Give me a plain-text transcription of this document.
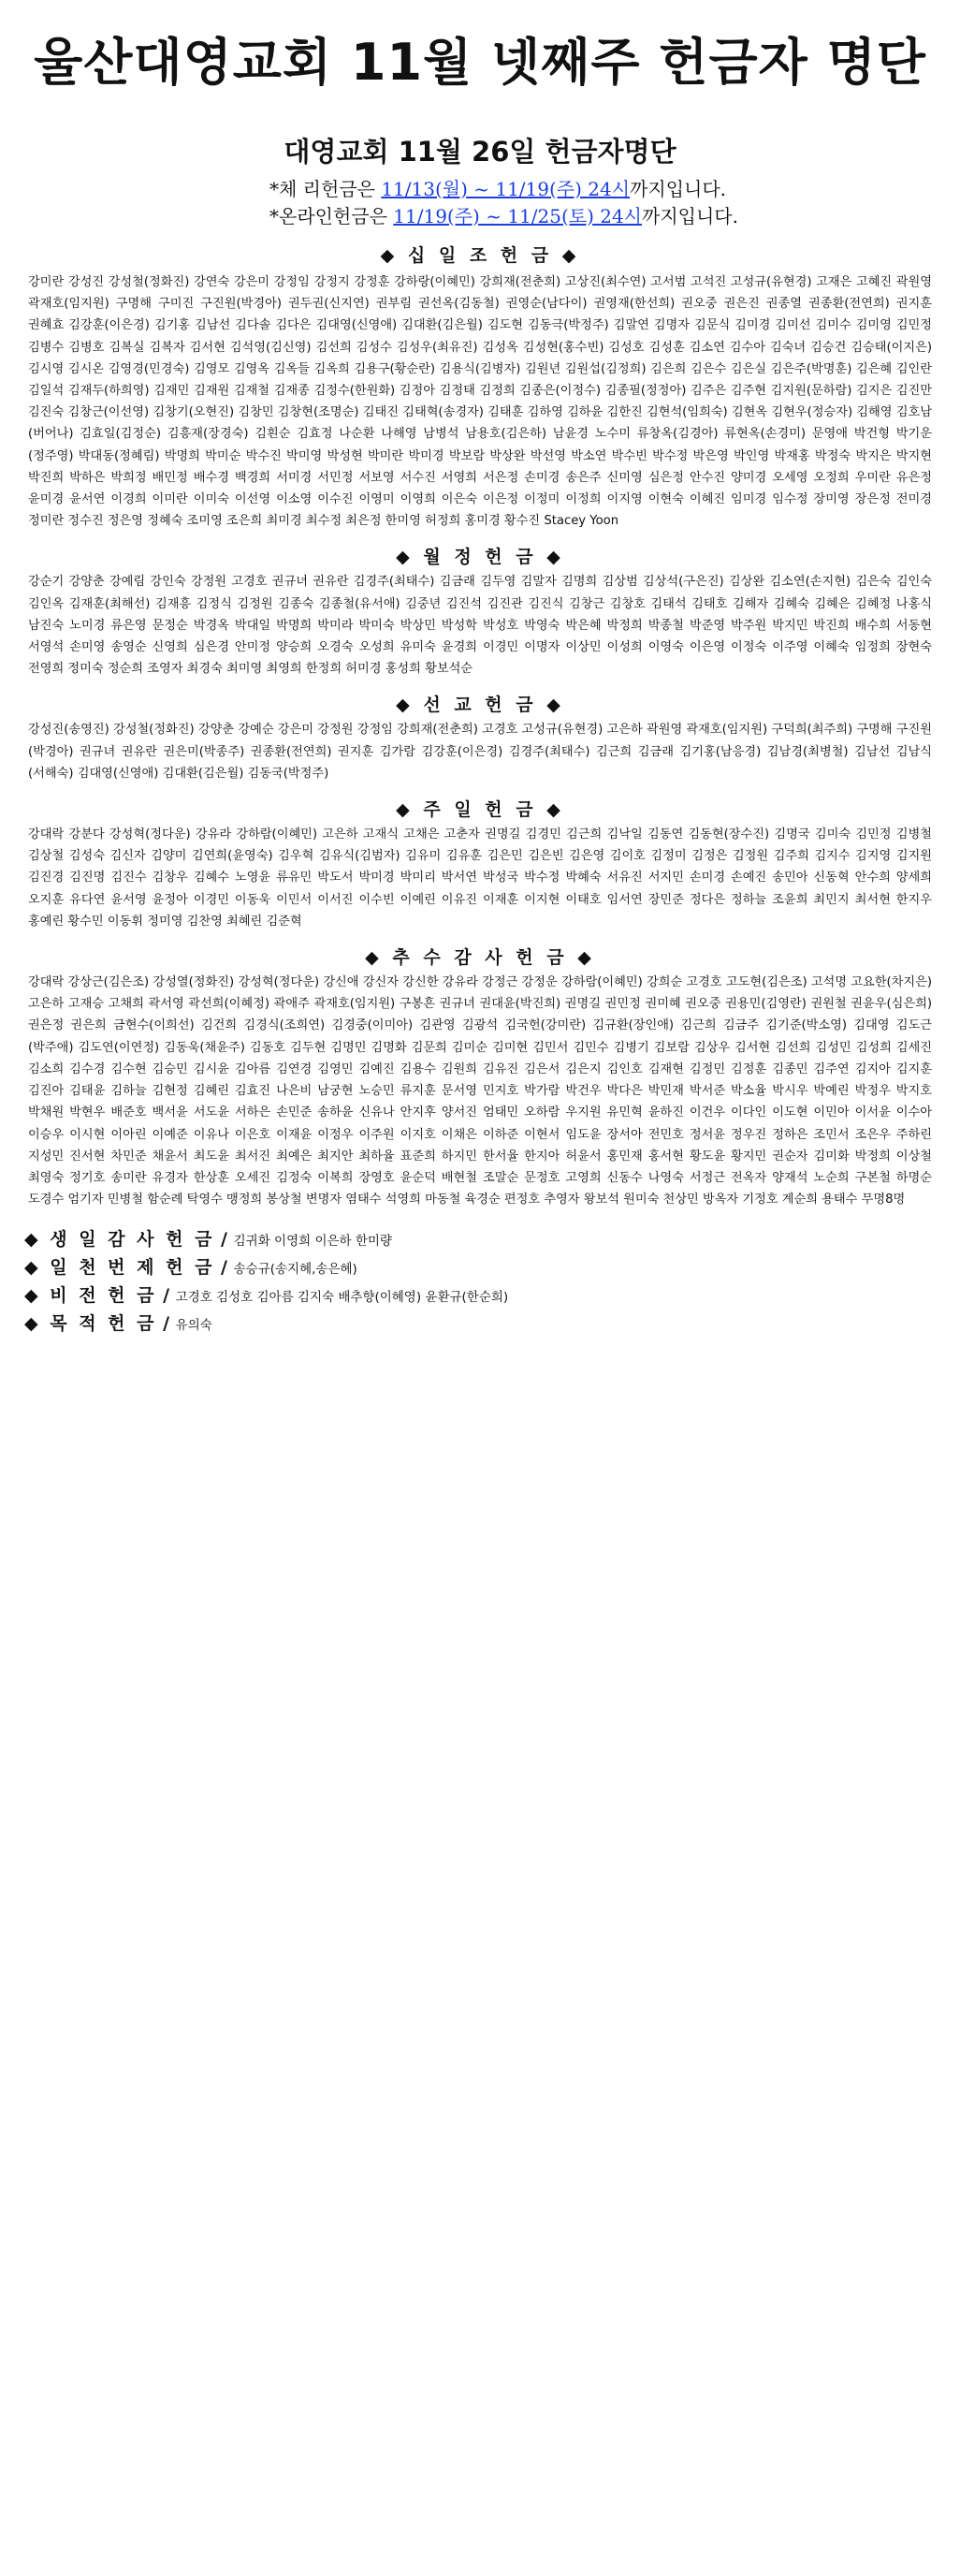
울산대영교회 11월 넷째주 헌금자 명단
대영교회 11월 26일 헌금자명단
*체 리헌금은 11/13(월) ~ 11/19(주) 24시까지입니다.
*온라인헌금은 11/19(주) ~ 11/25(토) 24시까지입니다.
◆ 십 일 조 헌 금 ◆
강미란 강성진 강성철(정화진) 강연숙 강은미 강정임 강정지 강정훈 강하랑(이혜민) 강희재(전춘희) 고상진(최수연) 고서범 고석진 고성규(유현경) 고재은 고혜진 곽원영 곽재호(임지원) 구명해 구미진 구진원(박경아) 권두권(신지연) 권부림 권선옥(김동철) 권영순(남다이) 권영재(한선희) 권오중 권은진 권종열 권종환(전연희) 권지훈 권혜효 김강훈(이은경) 김기홍 김남선 김다솔 김다은 김대영(신영애) 김대환(김은월) 김도현 김동극(박정주) 김말연 김명자 김문식 김미경 김미선 김미수 김미영 김민정 김병수 김병호 김복실 김복자 김서현 김석영(김신영) 김선희 김성수 김성우(최유진) 김성옥 김성현(홍수빈) 김성호 김성훈 김소연 김수아 김숙녀 김승건 김승태(이지은) 김시영 김시온 김영경(민경숙) 김영모 김영옥 김옥들 김옥희 김용구(황순란) 김용식(김병자) 김원년 김원섭(김정희) 김은희 김은수 김은실 김은주(박명훈) 김은혜 김인란 김일석 김재두(하희영) 김재민 김재원 김재철 김재종 김정수(한원화) 김정아 김정태 김정희 김종은(이정수) 김종필(정정아) 김주은 김주현 김지원(문하람) 김지은 김진만 김진숙 김창근(이선영) 김창기(오현진) 김창민 김창현(조명순) 김태진 김태혁(송경자) 김태훈 김하영 김하윤 김한진 김현석(임희숙) 김현옥 김현우(정승자) 김해영 김호남(버어나) 김효일(김정순) 김흥재(장경숙) 김흰순 김효정 나순환 나해영 남병석 남용호(김은하) 남윤경 노수미 류창옥(김경아) 류현옥(손경미) 문영애 박건형 박기운(정주영) 박대동(정혜림) 박명희 박미순 박수진 박미영 박성현 박미란 박미경 박보람 박상완 박선영 박소연 박수빈 박수정 박은영 박인영 박재홍 박정숙 박지은 박지현 박진희 박하은 박희정 배민정 배수경 백경희 서미경 서민정 서보영 서수진 서영희 서은정 손미경 송은주 신미영 심은정 안수진 양미경 오세영 오정희 우미란 유은정 윤미경 윤서연 이경희 이미란 이미숙 이선영 이소영 이수진 이영미 이영희 이은숙 이은정 이정미 이정희 이지영 이현숙 이혜진 임미경 임수정 장미영 장은정 전미경 정미란 정수진 정은영 정혜숙 조미영 조은희 최미경 최수정 최은정 한미영 허정희 홍미경 황수진 Stacey Yoon
◆ 월 정 헌 금 ◆
강순기 강양춘 강예림 강인숙 강정원 고경호 권규녀 권유란 김경주(최태수) 김금래 김두영 김말자 김명희 김상범 김상석(구은진) 김상완 김소연(손지현) 김은숙 김인숙 김인옥 김재훈(최해선) 김재흥 김정식 김정원 김종숙 김종철(유서애) 김중년 김진석 김진관 김진식 김창근 김창호 김태석 김태호 김해자 김혜숙 김혜은 김혜정 나홍식 남진숙 노미경 류은영 문정순 박경옥 박대일 박명희 박미라 박미숙 박상민 박성학 박성호 박영숙 박은혜 박정희 박종철 박준영 박주원 박지민 박진희 배수희 서동현 서영석 손미영 송영순 신영희 심은경 안미정 양승희 오경숙 오성희 유미숙 윤경희 이경민 이명자 이상민 이성희 이영숙 이은영 이정숙 이주영 이혜숙 임정희 장현숙 전영희 정미숙 정순희 조영자 최경숙 최미영 최영희 한정희 허미경 홍성희 황보석순
◆ 선 교 헌 금 ◆
강성진(송영진) 강성철(정화진) 강양춘 강예순 강은미 강정원 강정임 강희재(전춘희) 고경호 고성규(유현경) 고은하 곽원영 곽재호(임지원) 구덕희(최주희) 구명해 구진원(박경아) 권규녀 권유란 권은미(박종주) 권종환(전연희) 권지훈 김가람 김강훈(이은경) 김경주(최태수) 김근희 김금래 김기홍(남응경) 김남경(최병철) 김남선 김남식(서해숙) 김대영(신영애) 김대환(김은월) 김동국(박정주)
◆ 주 일 헌 금 ◆
강대락 강분다 강성혁(정다운) 강유라 강하람(이혜민) 고은하 고재식 고채은 고춘자 권명길 김경민 김근희 김낙일 김동연 김동현(장수진) 김명국 김미숙 김민정 김병철 김상철 김성숙 김신자 김양미 김연희(윤영숙) 김우혁 김유식(김범자) 김유미 김유훈 김은민 김은빈 김은영 김이호 김정미 김정은 김정원 김주희 김지수 김지영 김지원 김진경 김진명 김진수 김창우 김혜수 노영윤 류유민 박도서 박미경 박미리 박서연 박성국 박수정 박혜숙 서유진 서지민 손미경 손예진 송민아 신동혁 안수희 양세희 오지훈 유다연 윤서영 윤정아 이경민 이동욱 이민서 이서진 이수빈 이예린 이유진 이재훈 이지현 이태호 임서연 장민준 정다은 정하늘 조윤희 최민지 최서현 한지우 홍예린 황수민 이동휘 정미영 김찬영 최혜린 김준혁
◆ 추 수 감 사 헌 금 ◆
강대락 강상근(김은조) 강성열(정화진) 강성혁(정다운) 강신애 강신자 강신한 강유라 강정근 강정운 강하람(이혜민) 강희순 고경호 고도현(김은조) 고석명 고요한(차지은) 고은하 고재승 고채희 곽서영 곽선희(이혜정) 곽애주 곽재호(임지원) 구봉흔 권규녀 권대윤(박진희) 권명길 권민정 권미혜 권오중 권용민(김영란) 권원철 권윤우(심은희) 권은정 권은희 금현수(이희선) 김건희 김경식(조희연) 김경중(이미아) 김관영 김광석 김국헌(강미란) 김규환(장인애) 김근희 김금주 김기준(박소영) 김대영 김도근(박주애) 김도연(이연정) 김동욱(채윤주) 김동호 김두현 김명민 김명화 김문희 김미순 김미현 김민서 김민수 김병기 김보람 김상우 김서현 김선희 김성민 김성희 김세진 김소희 김수경 김수현 김승민 김시윤 김아름 김연경 김영민 김예진 김용수 김원희 김유진 김은서 김은지 김인호 김재현 김정민 김정훈 김종민 김주연 김지아 김지훈 김진아 김태윤 김하늘 김현정 김혜린 김효진 나은비 남궁현 노승민 류지훈 문서영 민지호 박가람 박건우 박다은 박민재 박서준 박소율 박시우 박예린 박정우 박지호 박채원 박현우 배준호 백서윤 서도윤 서하은 손민준 송하윤 신유나 안지후 양서진 엄태민 오하람 우지원 유민혁 윤하진 이건우 이다인 이도현 이민아 이서윤 이수아 이승우 이시현 이아린 이예준 이유나 이은호 이재윤 이정우 이주원 이지호 이채은 이하준 이현서 임도윤 장서아 전민호 정서윤 정우진 정하은 조민서 조은우 주하린 지성민 진서현 차민준 채윤서 최도윤 최서진 최예은 최지안 최하율 표준희 하지민 한서율 한지아 허윤서 홍민재 홍서현 황도윤 황지민 권순자 김미화 박정희 이상철 최영숙 정기호 송미란 유경자 한상훈 오세진 김정숙 이복희 장영호 윤순덕 배현철 조말순 문정호 고영희 신동수 나영숙 서정근 전옥자 양재석 노순희 구본철 하명순 도경수 엄기자 민병철 함순례 탁영수 맹정희 봉상철 변명자 염태수 석영희 마동철 육경순 편정호 추영자 왕보석 원미숙 천상민 방옥자 기정호 계순희 용태수 무명8명
◆ 생 일 감 사 헌 금 / 김귀화 이영희 이은하 한미량
◆ 일 천 번 제 헌 금 / 송승규(송지혜,송은혜)
◆ 비 전 헌 금 / 고경호 김성호 김아름 김지숙 배추향(이혜영) 윤환규(한순희)
◆ 목 적 헌 금 / 유의숙
